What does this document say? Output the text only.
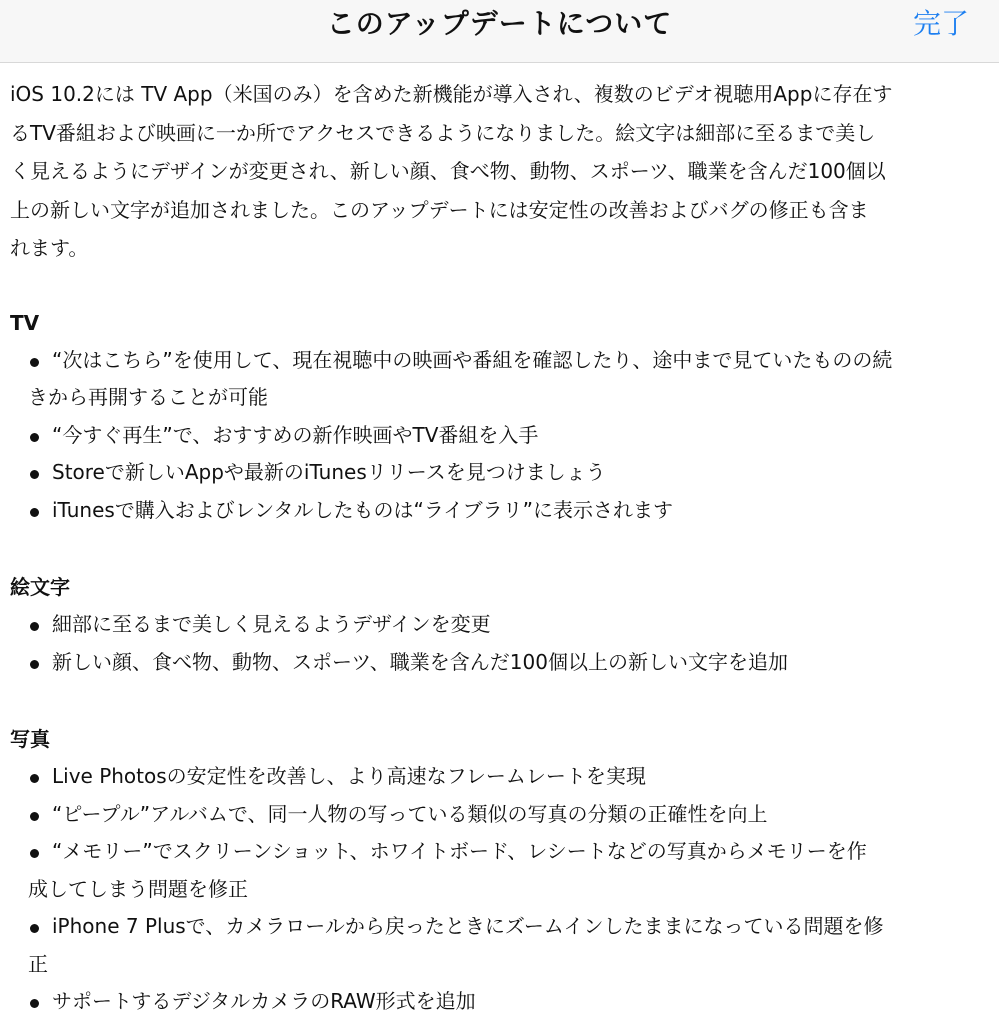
このアップデートについて	完了

iOS 10.2には TV App（米国のみ）を含めた新機能が導入され、複数のビデオ視聴用Appに存在す
るTV番組および映画に一か所でアクセスできるようになりました。絵文字は細部に至るまで美し
く見えるようにデザインが変更され、新しい顔、食べ物、動物、スポーツ、職業を含んだ100個以
上の新しい文字が追加されました。このアップデートには安定性の改善およびバグの修正も含ま
れます。

TV
“次はこちら”を使用して、現在視聴中の映画や番組を確認したり、途中まで見ていたものの続
きから再開することが可能
“今すぐ再生”で、おすすめの新作映画やTV番組を入手
Storeで新しいAppや最新のiTunesリリースを見つけましょう
iTunesで購入およびレンタルしたものは“ライブラリ”に表示されます
絵文字
細部に至るまで美しく見えるようデザインを変更
新しい顔、食べ物、動物、スポーツ、職業を含んだ100個以上の新しい文字を追加
写真
Live Photosの安定性を改善し、より高速なフレームレートを実現
“ピープル”アルバムで、同一人物の写っている類似の写真の分類の正確性を向上
“メモリー”でスクリーンショット、ホワイトボード、レシートなどの写真からメモリーを作
成してしまう問題を修正
iPhone 7 Plusで、カメラロールから戻ったときにズームインしたままになっている問題を修
正
サポートするデジタルカメラのRAW形式を追加
